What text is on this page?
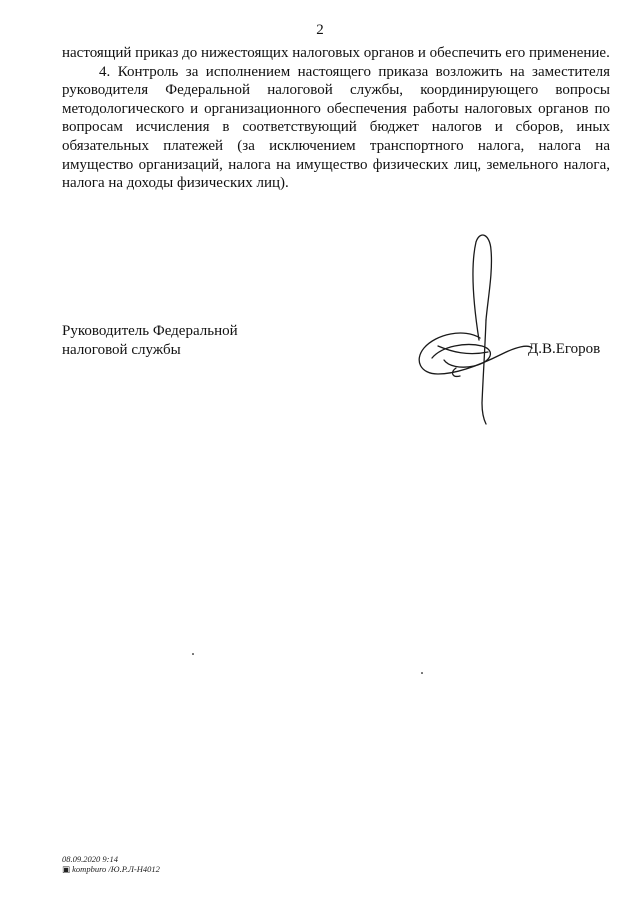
2

настоящий приказ до нижестоящих налоговых органов и обеспечить его применение.

4. Контроль за исполнением настоящего приказа возложить на заместителя руководителя Федеральной налоговой службы, координирующего вопросы методологического и организационного обеспечения работы налоговых органов по вопросам исчисления в соответствующий бюджет налогов и сборов, иных обязательных платежей (за исключением транспортного налога, налога на имущество организаций, налога на имущество физических лиц, земельного налога, налога на доходы физических лиц).

Руководитель Федеральной
налоговой службы	Д.В.Егоров
08.09.2020 9:14
▣ kompburo /Ю.Р.Л-Н4012
